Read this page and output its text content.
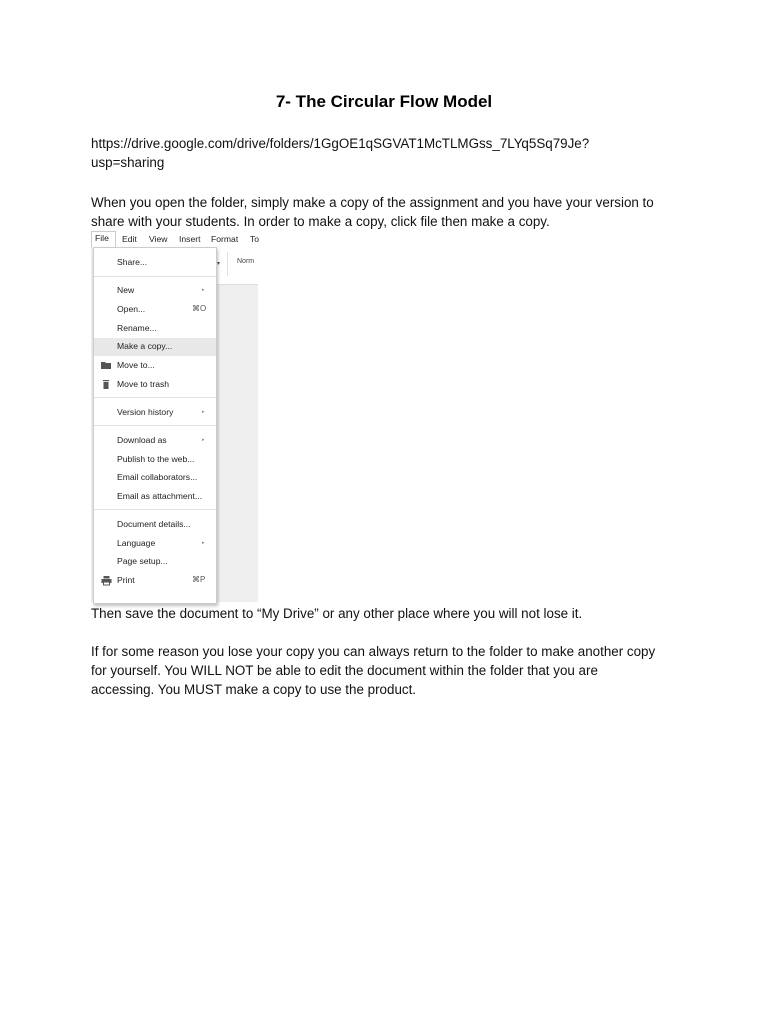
7- The Circular Flow Model
https://drive.google.com/drive/folders/1GgOE1qSGVAT1McTLMGss_7LYq5Sq79Je?
usp=sharing
When you open the folder, simply make a copy of the assignment and you have your version to
share with your students. In order to make a copy, click file then make a copy.
File Edit View Insert Format To
▾ Norm
Share...
New	▸
Open...	⌘O
Rename...
Make a copy...
Move to...
Move to trash
Version history	▸
Download as	▸
Publish to the web...
Email collaborators...
Email as attachment...
Document details...
Language	▸
Page setup...
Print	⌘P
Then save the document to “My Drive” or any other place where you will not lose it.
If for some reason you lose your copy you can always return to the folder to make another copy
for yourself. You WILL NOT be able to edit the document within the folder that you are
accessing. You MUST make a copy to use the product.
